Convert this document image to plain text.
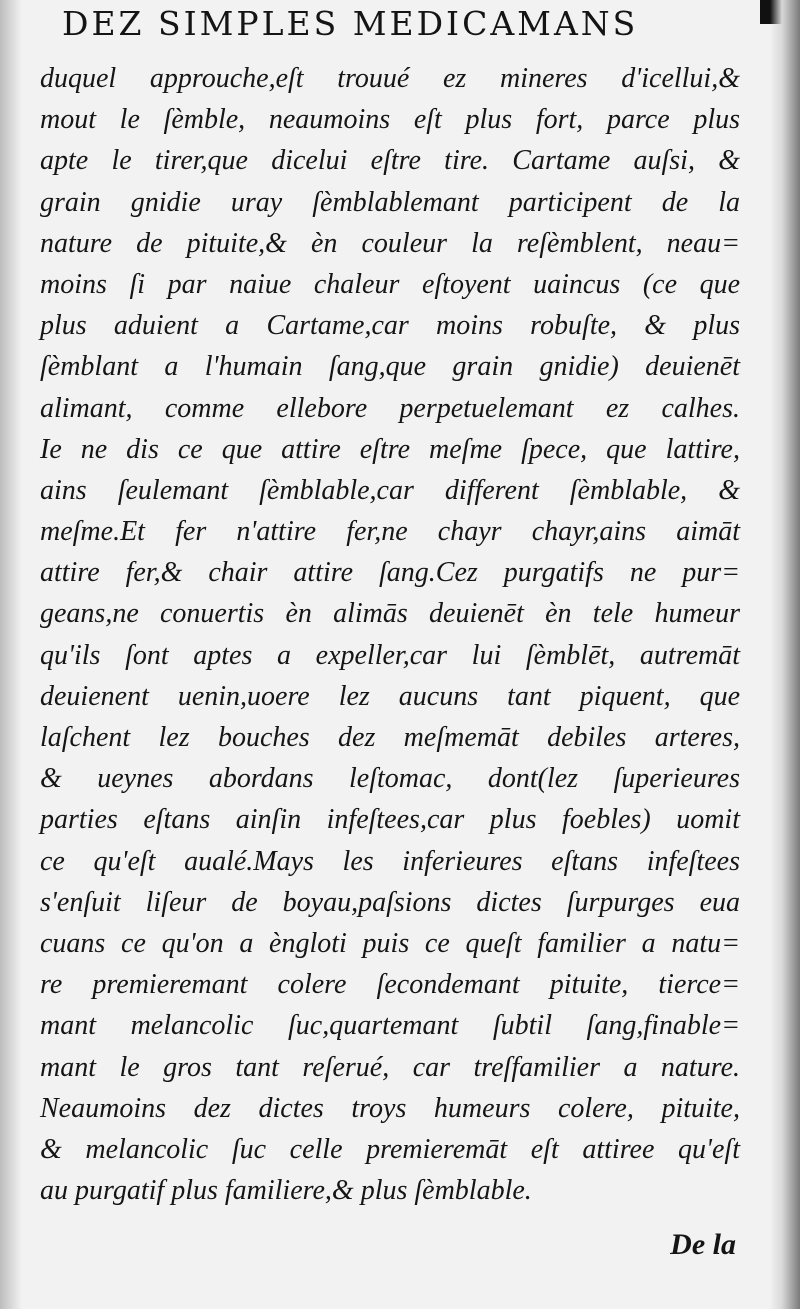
DEZ SIMPLES MEDICAMANS
duquel approuche,eſt trouué ez mineres d'icellui,&
mout le ſèmble, neaumoins eſt plus fort, parce plus
apte le tirer,que dicelui eſtre tire. Cartame auſsi, &
grain gnidie uray ſèmblablemant participent de la
nature de pituite,& èn couleur la reſèmblent, neau=
moins ſi par naiue chaleur eſtoyent uaincus (ce que
plus aduient a Cartame,car moins robuſte, & plus
ſèmblant a l'humain ſang,que grain gnidie) deuienēt
alimant, comme ellebore perpetuelemant ez calhes.
Ie ne dis ce que attire eſtre meſme ſpece, que lattire,
ains ſeulemant ſèmblable,car different ſèmblable, &
meſme.Et fer n'attire fer,ne chayr chayr,ains aimāt
attire fer,& chair attire ſang.Cez purgatifs ne pur=
geans,ne conuertis èn alimās deuienēt èn tele humeur
qu'ils ſont aptes a expeller,car lui ſèmblēt, autremāt
deuienent uenin,uoere lez aucuns tant piquent, que
laſchent lez bouches dez meſmemāt debiles arteres,
& ueynes abordans leſtomac, dont(lez ſuperieures
parties eſtans ainſin infeſtees,car plus foebles) uomit
ce qu'eſt aualé.Mays les inferieures eſtans infeſtees
s'enſuit liſeur de boyau,paſsions dictes ſurpurges eua
cuans ce qu'on a èngloti puis ce queſt familier a natu=
re premieremant colere ſecondemant pituite, tierce=
mant melancolic ſuc,quartemant ſubtil ſang,finable=
mant le gros tant reſerué, car treſfamilier a nature.
Neaumoins dez dictes troys humeurs colere, pituite,
& melancolic ſuc celle premieremāt eſt attiree qu'eſt
au purgatif plus familiere,& plus ſèmblable.
De la
